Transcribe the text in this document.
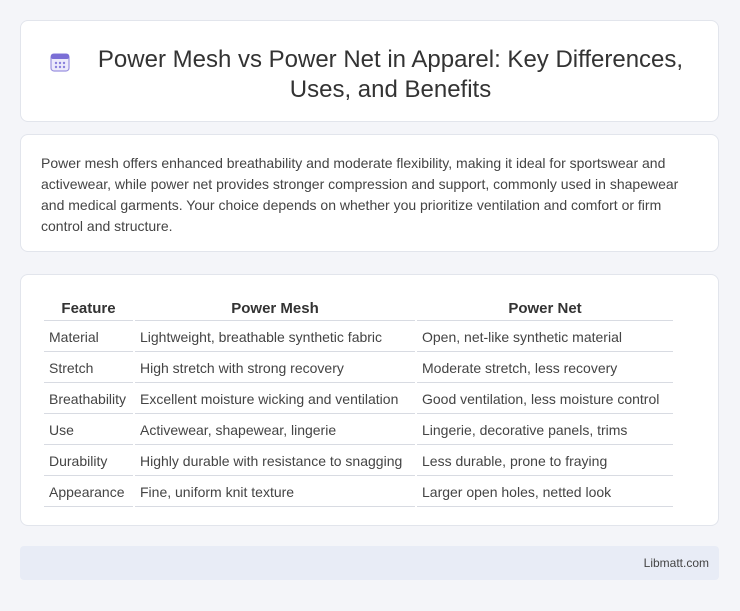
Power Mesh vs Power Net in Apparel: Key Differences, Uses, and Benefits

Power mesh offers enhanced breathability and moderate flexibility, making it ideal for sportswear and activewear, while power net provides stronger compression and support, commonly used in shapewear and medical garments. Your choice depends on whether you prioritize ventilation and comfort or firm control and structure.

Feature	Power Mesh	Power Net
Material	Lightweight, breathable synthetic fabric	Open, net-like synthetic material
Stretch	High stretch with strong recovery	Moderate stretch, less recovery
Breathability	Excellent moisture wicking and ventilation	Good ventilation, less moisture control
Use	Activewear, shapewear, lingerie	Lingerie, decorative panels, trims
Durability	Highly durable with resistance to snagging	Less durable, prone to fraying
Appearance	Fine, uniform knit texture	Larger open holes, netted look
Libmatt.com
